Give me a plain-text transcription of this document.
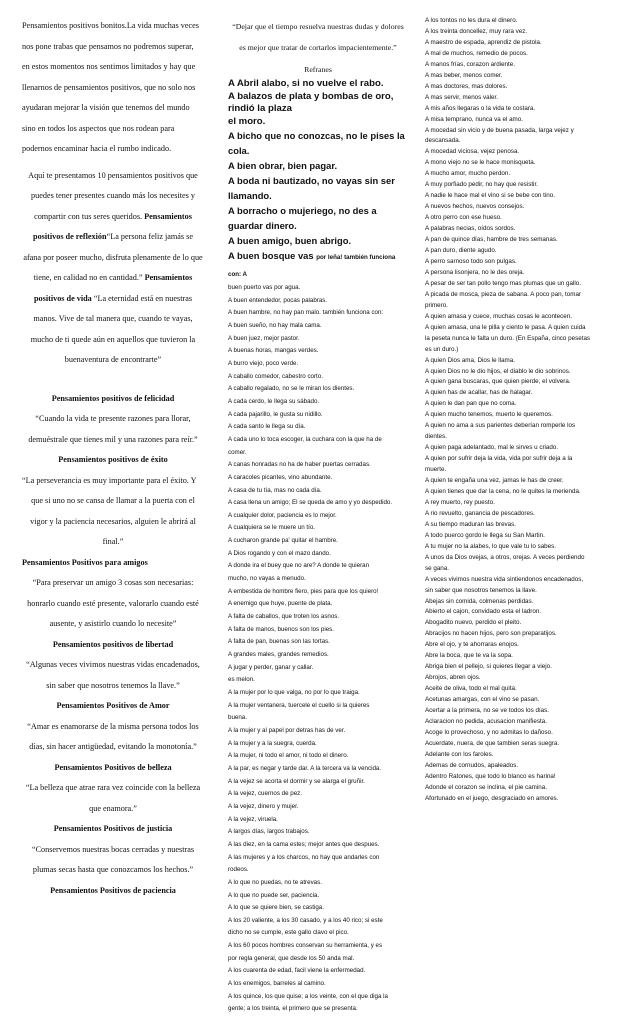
Pensamientos positivos bonitos.La vida muchas veces

nos pone trabas que pensamos no podremos superar,

en estos momentos nos sentimos limitados y hay que

llenarnos de pensamientos positivos, que no solo nos

ayudaran mejorar la visión que tenemos del mundo

sino en todos los aspectos que nos rodean para

podernos encaminar hacia el rumbo indicado.

Aquí te presentamos 10 pensamientos positivos que

puedes tener presentes cuando más los necesites y

compartir con tus seres queridos. Pensamientos

positivos de reflexión“La persona feliz jamás se

afana por poseer mucho, disfruta plenamente de lo que

tiene, en calidad no en cantidad.” Pensamientos

positivos de vida “La eternidad está en nuestras

manos. Vive de tal manera que, cuando te vayas,

mucho de ti quede aún en aquellos que tuvieron la

buenaventura de encontrarte”

Pensamientos positivos de felicidad

“Cuando la vida te presente razones para llorar,

demuéstrale que tienes mil y una razones para reír.”

Pensamientos positivos de éxito

“La perseverancia es muy importante para el éxito. Y

que si uno no se cansa de llamar a la puerta con el

vigor y la paciencia necesarios, alguien le abrirá al

final.”

Pensamientos Positivos para amigos

“Para preservar un amigo 3 cosas son necesarias:

honrarlo cuando esté presente, valorarlo cuando esté

ausente, y asistirlo cuando lo necesite”

Pensamientos positivos de libertad

“Algunas veces vivimos nuestras vidas encadenados,

sin saber que nosotros tenemos la llave.”

Pensamientos Positivos de Amor

“Amar es enamorarse de la misma persona todos los

días, sin hacer antigüedad, evitando la monotonía.”

Pensamientos Positivos de belleza

“La belleza que atrae rara vez coincide con la belleza

que enamora.”

Pensamientos Positivos de justicia

“Conservemos nuestras bocas cerradas y nuestras

plumas secas hasta que conozcamos los hechos.”

Pensamientos Positivos de paciencia

“Dejar que el tiempo resuelva nuestras dudas y dolores

es mejor que tratar de cortarlos impacientemente.”

Refranes

A Abril alabo, si no vuelve el rabo.

A balazos de plata y bombas de oro, rindió la plaza

el moro.

A bicho que no conozcas, no le pises la cola.

A bien obrar, bien pagar.

A boda ni bautizado, no vayas sin ser llamando.

A borracho o mujeriego, no des a guardar dinero.

A buen amigo, buen abrigo.

A buen bosque vas por leña! también funciona con: A

buen puerto vas por agua.

A buen entendedor, pocas palabras.

A buen hambre, no hay pan malo. también funciona con:

A buen sueño, no hay mala cama.

A buen juez, mejor pastor.

A buenas horas, mangas verdes.

A burro viejo, poco verde.

A caballo comedor, cabestro corto.

A caballo regalado, no se le miran los dientes.

A cada cerdo, le llega su sábado.

A cada pajarillo, le gusta su nidillo.

A cada santo le llega su día.

A cada uno lo toca escoger, la cuchara con la que ha de

comer.

A canas honradas no ha de haber puertas cerradas.

A caracoles picantes, vino abundante.

A casa de tu tía, mas no cada día.

A casa llena un amigo; El se queda de amo y yo despedido.

A cualquier dolor, paciencia es lo mejor.

A cualquiera se le muere un tío.

A cucharon grande pa' quitar el hambre.

A Dios rogando y con el mazo dando.

A donde ira el buey que no are? A donde te quieran

mucho, no vayas a menudo.

A embestida de hombre fiero, pies para que los quiero!

A enemigo que huye, puente de plata.

A falta de caballos, que troten los asnos.

A falta de manos, buenos son los pies.

A falta de pan, buenas son las tortas.

A grandes males, grandes remedios.

A jugar y perder, ganar y callar.

es melon.

A la mujer por lo que valga, no por lo que traiga.

A la mujer ventanera, tuercele el cuello si la quieres

buena.

A la mujer y al papel por detras has de ver.

A la mujer y a la suegra, cuerda.

A la mujer, ni todo el amor, ni todo el dinero.

A la par, es negar y tarde dar. A la tercera va la vencida.

A la vejez se acorta el dormir y se alarga el gruñir.

A la vejez, cuernos de pez.

A la vejez, dinero y mujer.

A la vejez, viruela.

A largos días, largos trabajos.

A las diez, en la cama estes; mejor antes que despues.

A las mujeres y a los charcos, no hay que andarles con

rodeos.

A lo que no puedas, no te atrevas.

A lo que no puede ser, paciencia.

A lo que se quiere bien, se castiga.

A los 20 valiente, a los 30 casado, y a los 40 rico; si este

dicho no se cumple, este gallo clavo el pico.

A los 60 pocos hombres conservan su herramienta, y es

por regla general, que desde los 50 anda mal.

A los cuarenta de edad, facil viene la enfermedad.

A los enemigos, barreles al camino.

A los quince, los que quise; a los veinte, con el que diga la

gente; a los treinta, el primero que se presenta.

A los tontos no les dura el dinero.

A los treinta doncellez, muy rara vez.

A maestro de espada, aprendiz de pistola.

A mal de muchos, remedio de pocos.

A manos frías, corazon ardiente.

A mas beber, menos comer.

A mas doctores, mas dolores.

A mas servir, menos valer.

A mis años llegaras o la vida te costara.

A misa temprano, nunca va el amo.

A mocedad sin vicio y de buena pasada, larga vejez y

descansada.

A mocedad viciosa, vejez penosa.

A mono viejo no se le hace monisqueta.

A mucho amor, mucho perdon.

A muy porfiado pedir, no hay que resistir.

A nadie le hace mal el vino si se bebe con tino.

A nuevos hechos, nuevos consejos.

A otro perro con ese hueso.

A palabras necias, oídos sordos.

A pan de quince días, hambre de tres semanas.

A pan duro, diente agudo.

A perro sarnoso todo son pulgas.

A persona lisonjera, no le des oreja.

A pesar de ser tan pollo tengo mas plumas que un gallo.

A picada de mosca, pieza de sabana. A poco pan, tomar

primero.

A quien amasa y cuece, muchas cosas le acontecen.

A quien amasa, una le pilla y ciento le pasa. A quien cuida

la peseta nunca le falta un duro. (En España, cinco pesetas

es un duro.)

A quien Dios ama, Dios le llama.

A quien Dios no le dio hijos, el diablo le dio sobrinos.

A quien gana buscaras, que quien pierde, el volvera.

A quien has de acallar, has de halagar.

A quien le dan pan que no coma.

A quien mucho tenemos, muerto le queremos.

A quien no ama a sus parientes deberían romperle los

dientes.

A quien paga adelantado, mal le sirves u criado.

A quien por sufrir deja la vida, vida por sufrir deja a la

muerte.

A quien te engaña una vez, jamas le has de creer.

A quien tienes que dar la cena, no le quites la merienda.

A rey muerto, rey puesto.

A rio revuelto, ganancia de pescadores.

A su tiempo maduran las brevas.

A todo puerco gordo le llega su San Martin.

A tu mujer no la alabes, lo que vale tu lo sabes.

A unos da Dios ovejas, a otros, orejas. A veces perdiendo

se gana.

A veces vivimos nuestra vida sintiendonos encadenados,

sin saber que nosotros tenemos la llave.

Abejas sin comida, colmenas perdidas.

Abierto el cajon, convidado esta el ladron.

Abogadito nuevo, perdido el pleito.

Abracijos no hacen hijos, pero son preparatijos.

Abre el ojo, y te ahorraras enojos.

Abre la boca, que te va la sopa.

Abriga bien el pellejo, si quieres llegar a viejo.

Abrojos, abren ojos.

Aceite de oliva, todo el mal quita.

Acetunas amargas, con el vino se pasan.

Acertar a la primera, no se ve todos los días.

Aclaracion no pedida, acusacion manifiesta.

Acoge lo provechoso, y no admitas lo dañoso.

Acuerdate, nuera, de que tambien seras suegra.

Adelante con los faroles.

Ademas de cornudos, apaleados.

Adentro Ratones, que todo lo blanco es harina!

Adonde el corazon se inclina, el pie camina.

Afortunado en el juego, desgraciado en amores.
